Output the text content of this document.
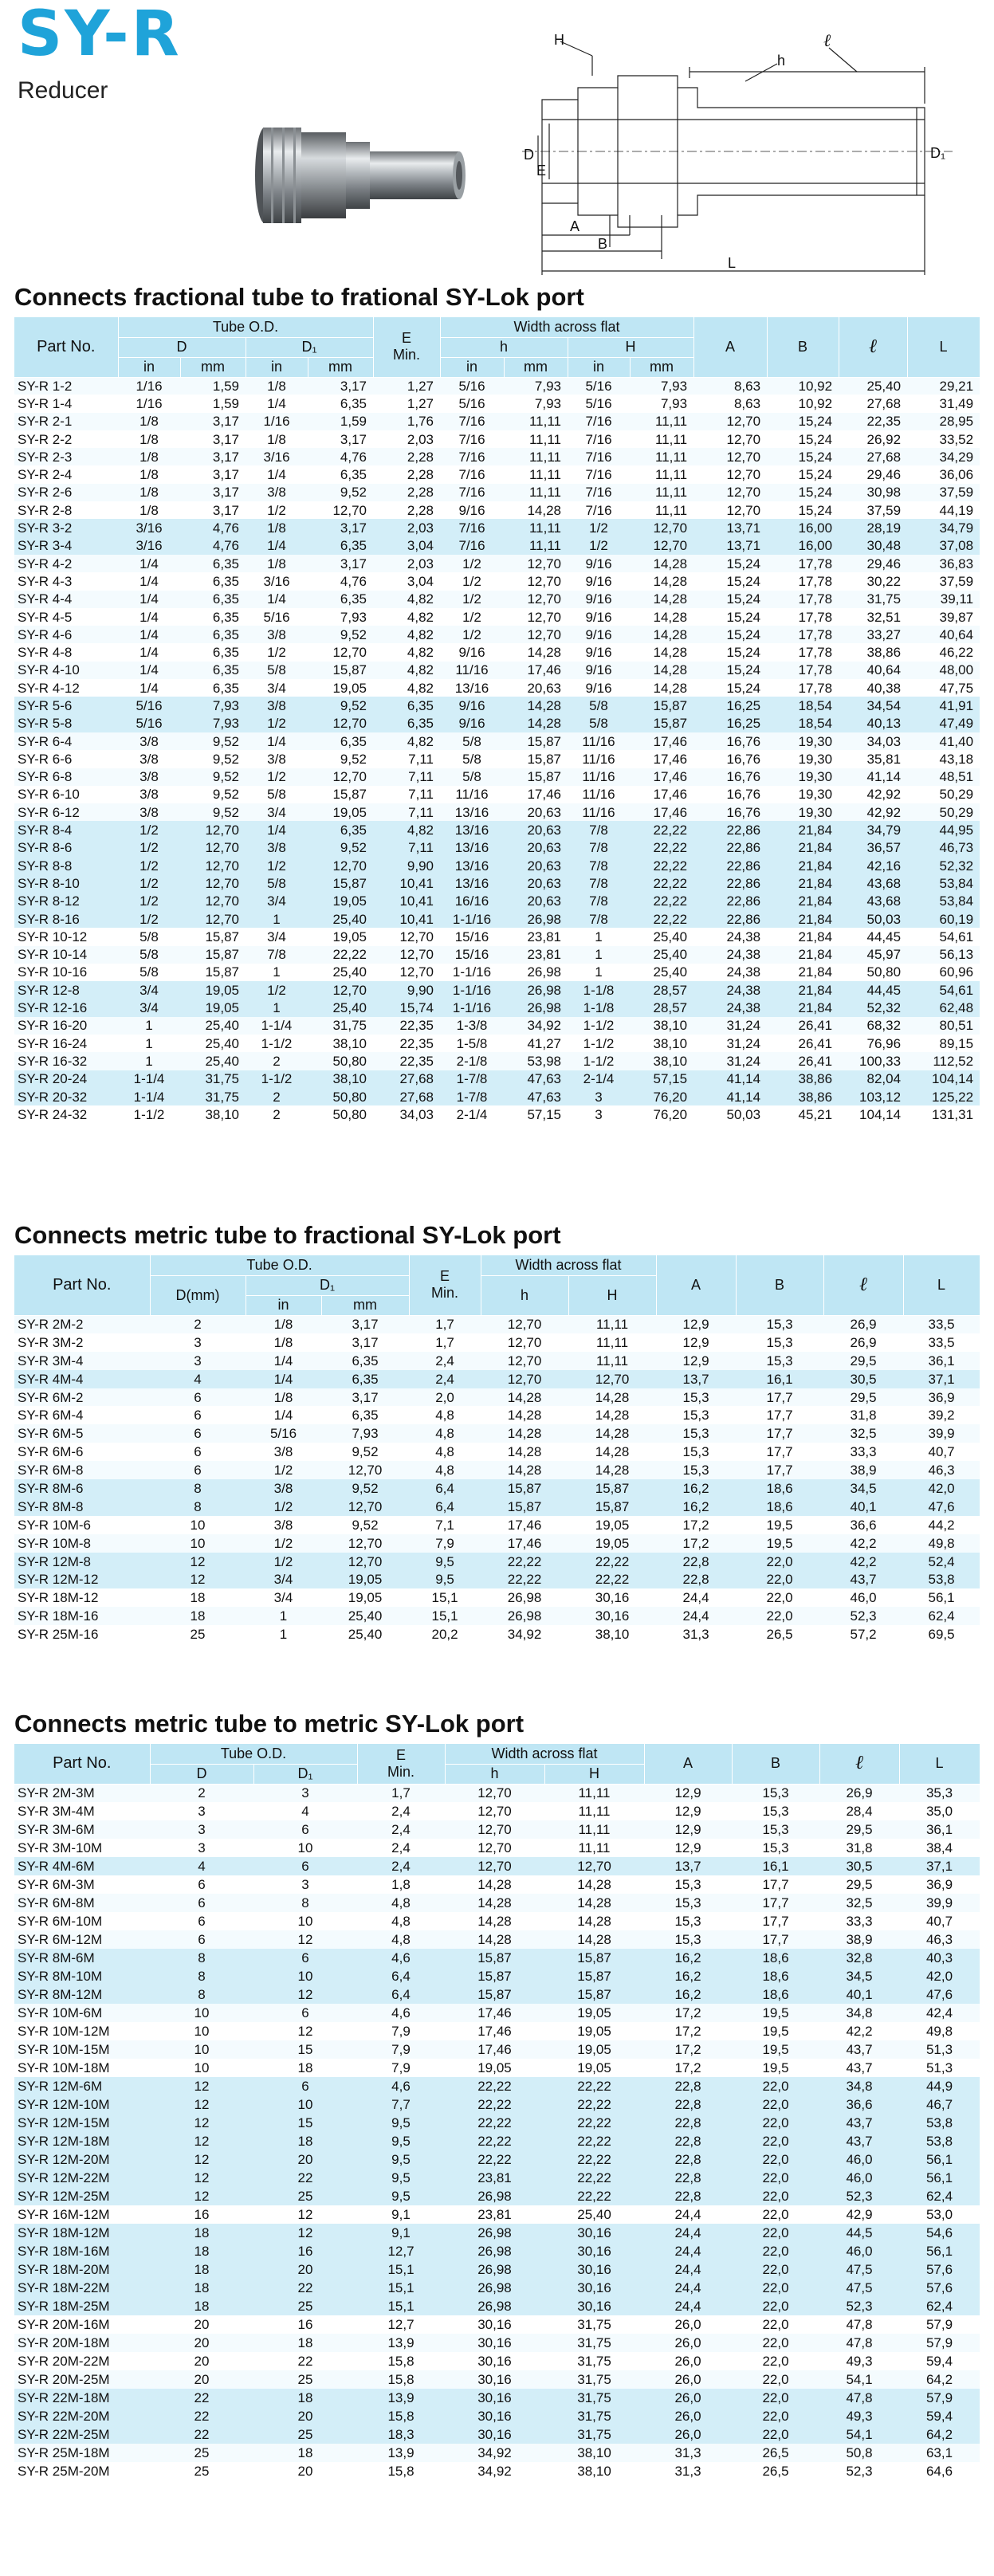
SY-R
Reducer
H	ℓ
h
D
E
D₁
A
B
L
Connects fractional tube to frational SY-Lok port
Part No.	Tube O.D.				E
Min.	Width across flat				A	B	ℓ	L
	D		D₁			h		H					
	in	mm	in	mm		in	mm	in	mm				
SY-R 1-2	1/16	1,59	1/8	3,17	1,27	5/16	7,93	5/16	7,93	8,63	10,92	25,40	29,21
SY-R 1-4	1/16	1,59	1/4	6,35	1,27	5/16	7,93	5/16	7,93	8,63	10,92	27,68	31,49
SY-R 2-1	1/8	3,17	1/16	1,59	1,76	7/16	11,11	7/16	11,11	12,70	15,24	22,35	28,95
SY-R 2-2	1/8	3,17	1/8	3,17	2,03	7/16	11,11	7/16	11,11	12,70	15,24	26,92	33,52
SY-R 2-3	1/8	3,17	3/16	4,76	2,28	7/16	11,11	7/16	11,11	12,70	15,24	27,68	34,29
SY-R 2-4	1/8	3,17	1/4	6,35	2,28	7/16	11,11	7/16	11,11	12,70	15,24	29,46	36,06
SY-R 2-6	1/8	3,17	3/8	9,52	2,28	7/16	11,11	7/16	11,11	12,70	15,24	30,98	37,59
SY-R 2-8	1/8	3,17	1/2	12,70	2,28	9/16	14,28	7/16	11,11	12,70	15,24	37,59	44,19
SY-R 3-2	3/16	4,76	1/8	3,17	2,03	7/16	11,11	1/2	12,70	13,71	16,00	28,19	34,79
SY-R 3-4	3/16	4,76	1/4	6,35	3,04	7/16	11,11	1/2	12,70	13,71	16,00	30,48	37,08
SY-R 4-2	1/4	6,35	1/8	3,17	2,03	1/2	12,70	9/16	14,28	15,24	17,78	29,46	36,83
SY-R 4-3	1/4	6,35	3/16	4,76	3,04	1/2	12,70	9/16	14,28	15,24	17,78	30,22	37,59
SY-R 4-4	1/4	6,35	1/4	6,35	4,82	1/2	12,70	9/16	14,28	15,24	17,78	31,75	39,11
SY-R 4-5	1/4	6,35	5/16	7,93	4,82	1/2	12,70	9/16	14,28	15,24	17,78	32,51	39,87
SY-R 4-6	1/4	6,35	3/8	9,52	4,82	1/2	12,70	9/16	14,28	15,24	17,78	33,27	40,64
SY-R 4-8	1/4	6,35	1/2	12,70	4,82	9/16	14,28	9/16	14,28	15,24	17,78	38,86	46,22
SY-R 4-10	1/4	6,35	5/8	15,87	4,82	11/16	17,46	9/16	14,28	15,24	17,78	40,64	48,00
SY-R 4-12	1/4	6,35	3/4	19,05	4,82	13/16	20,63	9/16	14,28	15,24	17,78	40,38	47,75
SY-R 5-6	5/16	7,93	3/8	9,52	6,35	9/16	14,28	5/8	15,87	16,25	18,54	34,54	41,91
SY-R 5-8	5/16	7,93	1/2	12,70	6,35	9/16	14,28	5/8	15,87	16,25	18,54	40,13	47,49
SY-R 6-4	3/8	9,52	1/4	6,35	4,82	5/8	15,87	11/16	17,46	16,76	19,30	34,03	41,40
SY-R 6-6	3/8	9,52	3/8	9,52	7,11	5/8	15,87	11/16	17,46	16,76	19,30	35,81	43,18
SY-R 6-8	3/8	9,52	1/2	12,70	7,11	5/8	15,87	11/16	17,46	16,76	19,30	41,14	48,51
SY-R 6-10	3/8	9,52	5/8	15,87	7,11	11/16	17,46	11/16	17,46	16,76	19,30	42,92	50,29
SY-R 6-12	3/8	9,52	3/4	19,05	7,11	13/16	20,63	11/16	17,46	16,76	19,30	42,92	50,29
SY-R 8-4	1/2	12,70	1/4	6,35	4,82	13/16	20,63	7/8	22,22	22,86	21,84	34,79	44,95
SY-R 8-6	1/2	12,70	3/8	9,52	7,11	13/16	20,63	7/8	22,22	22,86	21,84	36,57	46,73
SY-R 8-8	1/2	12,70	1/2	12,70	9,90	13/16	20,63	7/8	22,22	22,86	21,84	42,16	52,32
SY-R 8-10	1/2	12,70	5/8	15,87	10,41	13/16	20,63	7/8	22,22	22,86	21,84	43,68	53,84
SY-R 8-12	1/2	12,70	3/4	19,05	10,41	16/16	20,63	7/8	22,22	22,86	21,84	43,68	53,84
SY-R 8-16	1/2	12,70	1	25,40	10,41	1-1/16	26,98	7/8	22,22	22,86	21,84	50,03	60,19
SY-R 10-12	5/8	15,87	3/4	19,05	12,70	15/16	23,81	1	25,40	24,38	21,84	44,45	54,61
SY-R 10-14	5/8	15,87	7/8	22,22	12,70	15/16	23,81	1	25,40	24,38	21,84	45,97	56,13
SY-R 10-16	5/8	15,87	1	25,40	12,70	1-1/16	26,98	1	25,40	24,38	21,84	50,80	60,96
SY-R 12-8	3/4	19,05	1/2	12,70	9,90	1-1/16	26,98	1-1/8	28,57	24,38	21,84	44,45	54,61
SY-R 12-16	3/4	19,05	1	25,40	15,74	1-1/16	26,98	1-1/8	28,57	24,38	21,84	52,32	62,48
SY-R 16-20	1	25,40	1-1/4	31,75	22,35	1-3/8	34,92	1-1/2	38,10	31,24	26,41	68,32	80,51
SY-R 16-24	1	25,40	1-1/2	38,10	22,35	1-5/8	41,27	1-1/2	38,10	31,24	26,41	76,96	89,15
SY-R 16-32	1	25,40	2	50,80	22,35	2-1/8	53,98	1-1/2	38,10	31,24	26,41	100,33	112,52
SY-R 20-24	1-1/4	31,75	1-1/2	38,10	27,68	1-7/8	47,63	2-1/4	57,15	41,14	38,86	82,04	104,14
SY-R 20-32	1-1/4	31,75	2	50,80	27,68	1-7/8	47,63	3	76,20	41,14	38,86	103,12	125,22
SY-R 24-32	1-1/2	38,10	2	50,80	34,03	2-1/4	57,15	3	76,20	50,03	45,21	104,14	131,31
Connects metric tube to fractional SY-Lok port
Part No.	Tube O.D.			E
Min.	Width across flat		A	B	ℓ	L
	D(mm)	D₁			h	H				
		in	mm							
SY-R 2M-2	2	1/8	3,17	1,7	12,70	11,11	12,9	15,3	26,9	33,5
SY-R 3M-2	3	1/8	3,17	1,7	12,70	11,11	12,9	15,3	26,9	33,5
SY-R 3M-4	3	1/4	6,35	2,4	12,70	11,11	12,9	15,3	29,5	36,1
SY-R 4M-4	4	1/4	6,35	2,4	12,70	12,70	13,7	16,1	30,5	37,1
SY-R 6M-2	6	1/8	3,17	2,0	14,28	14,28	15,3	17,7	29,5	36,9
SY-R 6M-4	6	1/4	6,35	4,8	14,28	14,28	15,3	17,7	31,8	39,2
SY-R 6M-5	6	5/16	7,93	4,8	14,28	14,28	15,3	17,7	32,5	39,9
SY-R 6M-6	6	3/8	9,52	4,8	14,28	14,28	15,3	17,7	33,3	40,7
SY-R 6M-8	6	1/2	12,70	4,8	14,28	14,28	15,3	17,7	38,9	46,3
SY-R 8M-6	8	3/8	9,52	6,4	15,87	15,87	16,2	18,6	34,5	42,0
SY-R 8M-8	8	1/2	12,70	6,4	15,87	15,87	16,2	18,6	40,1	47,6
SY-R 10M-6	10	3/8	9,52	7,1	17,46	19,05	17,2	19,5	36,6	44,2
SY-R 10M-8	10	1/2	12,70	7,9	17,46	19,05	17,2	19,5	42,2	49,8
SY-R 12M-8	12	1/2	12,70	9,5	22,22	22,22	22,8	22,0	42,2	52,4
SY-R 12M-12	12	3/4	19,05	9,5	22,22	22,22	22,8	22,0	43,7	53,8
SY-R 18M-12	18	3/4	19,05	15,1	26,98	30,16	24,4	22,0	46,0	56,1
SY-R 18M-16	18	1	25,40	15,1	26,98	30,16	24,4	22,0	52,3	62,4
SY-R 25M-16	25	1	25,40	20,2	34,92	38,10	31,3	26,5	57,2	69,5
Connects metric tube to metric SY-Lok port
Part No.	Tube O.D.		E
Min.	Width across flat		A	B	ℓ	L
	D	D₁		h	H				
SY-R 2M-3M	2	3	1,7	12,70	11,11	12,9	15,3	26,9	35,3
SY-R 3M-4M	3	4	2,4	12,70	11,11	12,9	15,3	28,4	35,0
SY-R 3M-6M	3	6	2,4	12,70	11,11	12,9	15,3	29,5	36,1
SY-R 3M-10M	3	10	2,4	12,70	11,11	12,9	15,3	31,8	38,4
SY-R 4M-6M	4	6	2,4	12,70	12,70	13,7	16,1	30,5	37,1
SY-R 6M-3M	6	3	1,8	14,28	14,28	15,3	17,7	29,5	36,9
SY-R 6M-8M	6	8	4,8	14,28	14,28	15,3	17,7	32,5	39,9
SY-R 6M-10M	6	10	4,8	14,28	14,28	15,3	17,7	33,3	40,7
SY-R 6M-12M	6	12	4,8	14,28	14,28	15,3	17,7	38,9	46,3
SY-R 8M-6M	8	6	4,6	15,87	15,87	16,2	18,6	32,8	40,3
SY-R 8M-10M	8	10	6,4	15,87	15,87	16,2	18,6	34,5	42,0
SY-R 8M-12M	8	12	6,4	15,87	15,87	16,2	18,6	40,1	47,6
SY-R 10M-6M	10	6	4,6	17,46	19,05	17,2	19,5	34,8	42,4
SY-R 10M-12M	10	12	7,9	17,46	19,05	17,2	19,5	42,2	49,8
SY-R 10M-15M	10	15	7,9	17,46	19,05	17,2	19,5	43,7	51,3
SY-R 10M-18M	10	18	7,9	19,05	19,05	17,2	19,5	43,7	51,3
SY-R 12M-6M	12	6	4,6	22,22	22,22	22,8	22,0	34,8	44,9
SY-R 12M-10M	12	10	7,7	22,22	22,22	22,8	22,0	36,6	46,7
SY-R 12M-15M	12	15	9,5	22,22	22,22	22,8	22,0	43,7	53,8
SY-R 12M-18M	12	18	9,5	22,22	22,22	22,8	22,0	43,7	53,8
SY-R 12M-20M	12	20	9,5	22,22	22,22	22,8	22,0	46,0	56,1
SY-R 12M-22M	12	22	9,5	23,81	22,22	22,8	22,0	46,0	56,1
SY-R 12M-25M	12	25	9,5	26,98	22,22	22,8	22,0	52,3	62,4
SY-R 16M-12M	16	12	9,1	23,81	25,40	24,4	22,0	42,9	53,0
SY-R 18M-12M	18	12	9,1	26,98	30,16	24,4	22,0	44,5	54,6
SY-R 18M-16M	18	16	12,7	26,98	30,16	24,4	22,0	46,0	56,1
SY-R 18M-20M	18	20	15,1	26,98	30,16	24,4	22,0	47,5	57,6
SY-R 18M-22M	18	22	15,1	26,98	30,16	24,4	22,0	47,5	57,6
SY-R 18M-25M	18	25	15,1	26,98	30,16	24,4	22,0	52,3	62,4
SY-R 20M-16M	20	16	12,7	30,16	31,75	26,0	22,0	47,8	57,9
SY-R 20M-18M	20	18	13,9	30,16	31,75	26,0	22,0	47,8	57,9
SY-R 20M-22M	20	22	15,8	30,16	31,75	26,0	22,0	49,3	59,4
SY-R 20M-25M	20	25	15,8	30,16	31,75	26,0	22,0	54,1	64,2
SY-R 22M-18M	22	18	13,9	30,16	31,75	26,0	22,0	47,8	57,9
SY-R 22M-20M	22	20	15,8	30,16	31,75	26,0	22,0	49,3	59,4
SY-R 22M-25M	22	25	18,3	30,16	31,75	26,0	22,0	54,1	64,2
SY-R 25M-18M	25	18	13,9	34,92	38,10	31,3	26,5	50,8	63,1
SY-R 25M-20M	25	20	15,8	34,92	38,10	31,3	26,5	52,3	64,6
